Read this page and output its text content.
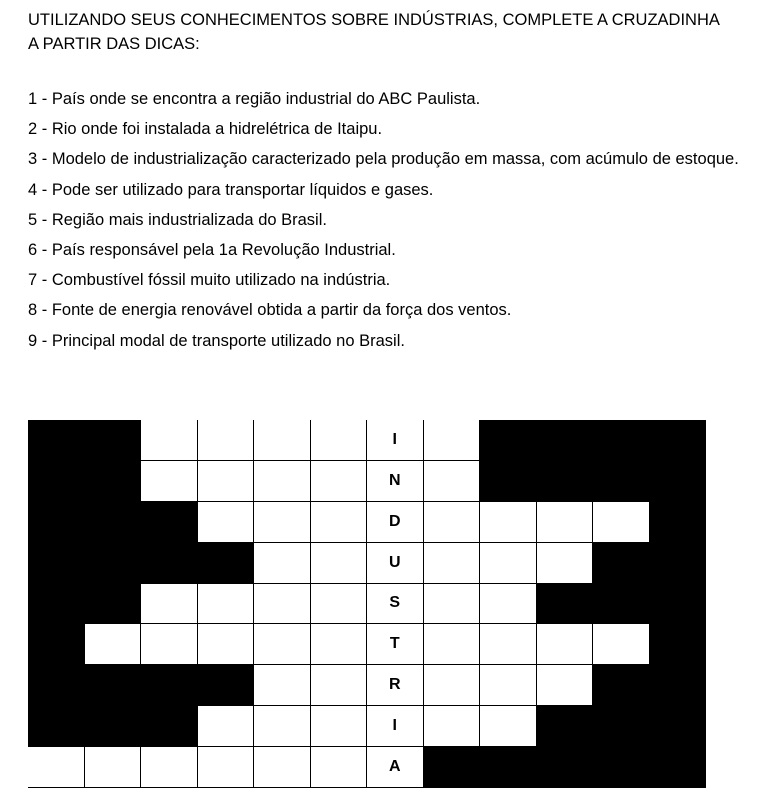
UTILIZANDO SEUS CONHECIMENTOS SOBRE INDÚSTRIAS, COMPLETE A CRUZADINHA A PARTIR DAS DICAS:

1 - País onde se encontra a região industrial do ABC Paulista.
2 - Rio onde foi instalada a hidrelétrica de Itaipu.
3 - Modelo de industrialização caracterizado pela produção em massa, com acúmulo de estoque.
4 - Pode ser utilizado para transportar líquidos e gases.
5 - Região mais industrializada do Brasil.
6 - País responsável pela 1a Revolução Industrial.
7 - Combustível fóssil muito utilizado na indústria.
8 - Fonte de energia renovável obtida a partir da força dos ventos.
9 - Principal modal de transporte utilizado no Brasil.
I
N
D
U
S
T
R
I
A
